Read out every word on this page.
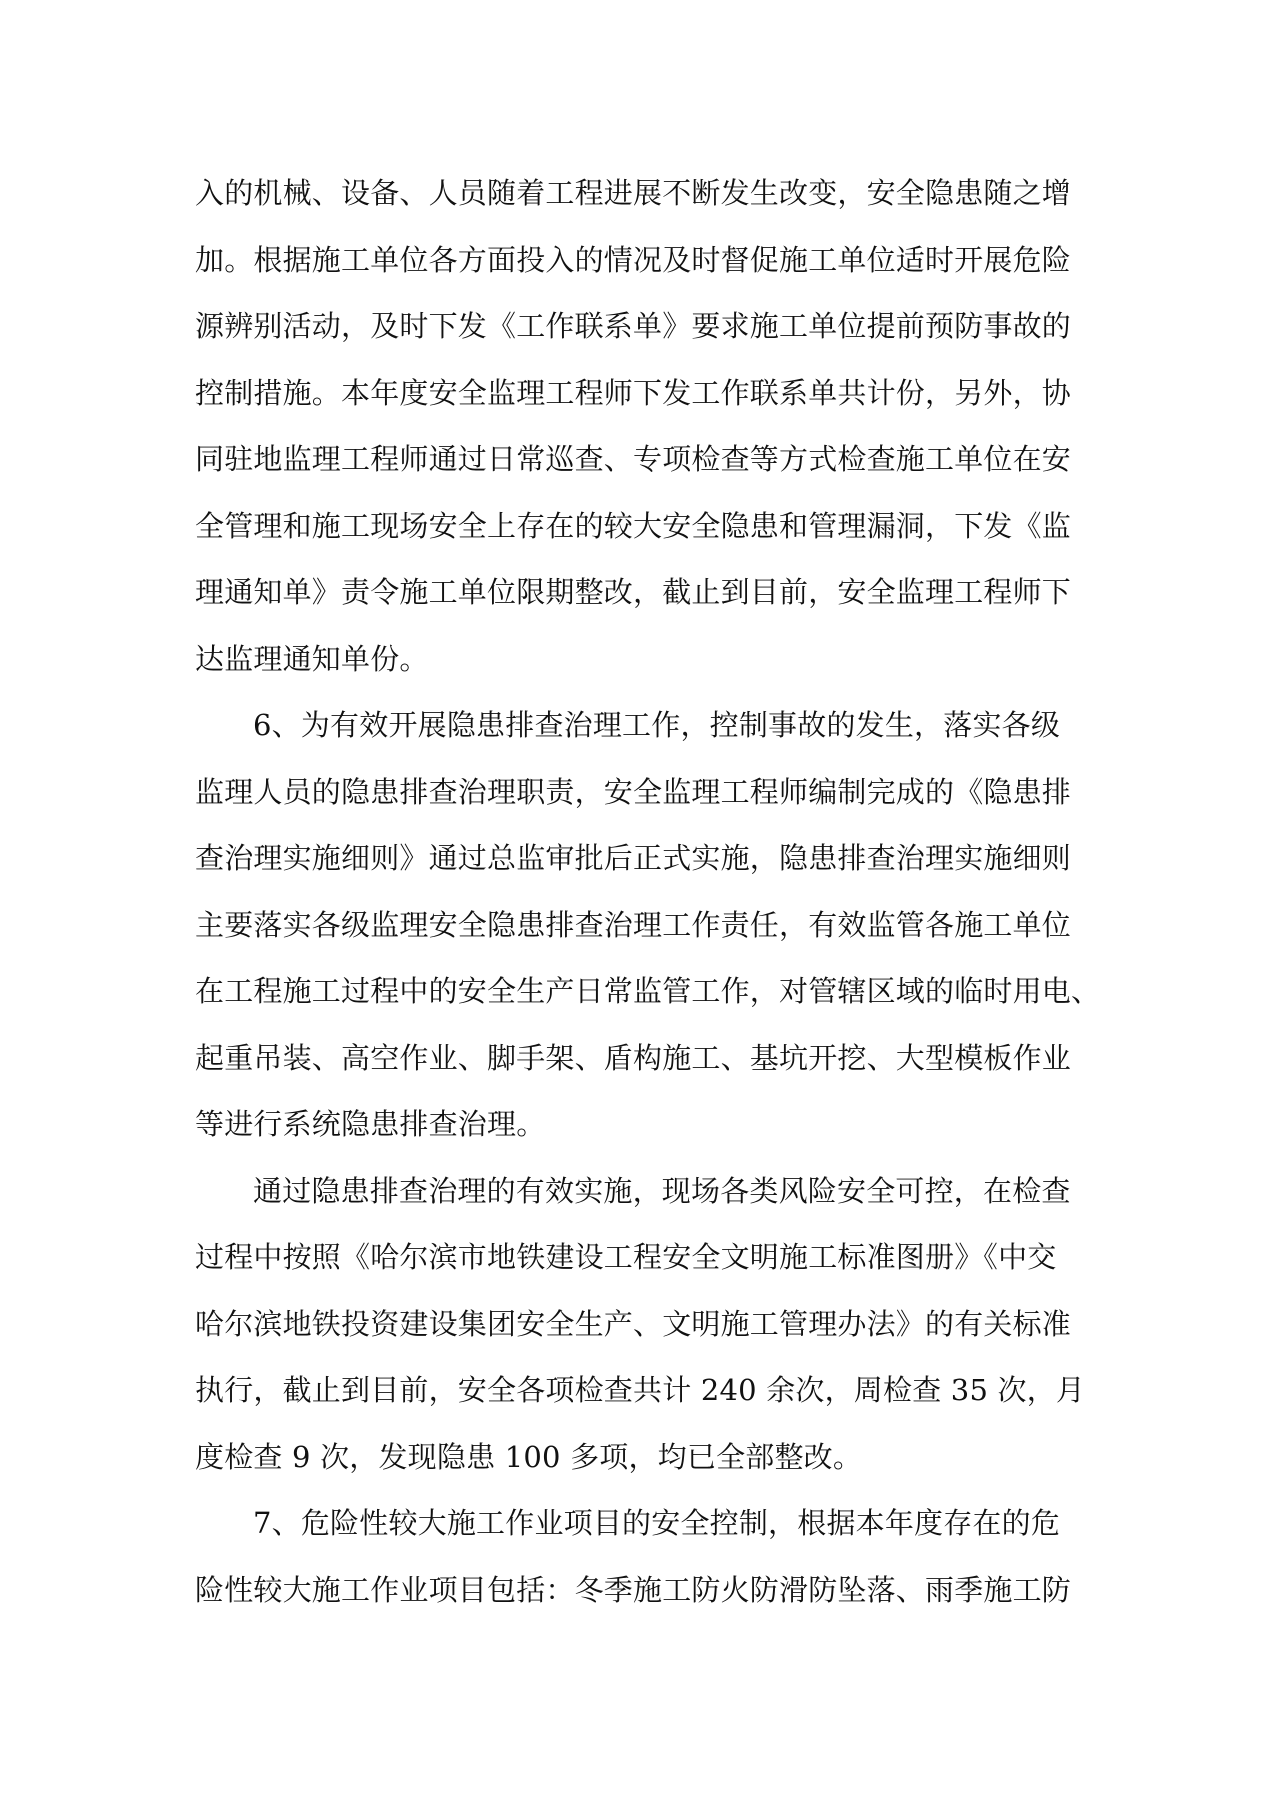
入的机械、设备、人员随着工程进展不断发生改变，安全隐患随之增
加。根据施工单位各方面投入的情况及时督促施工单位适时开展危险
源辨别活动，及时下发《工作联系单》要求施工单位提前预防事故的
控制措施。本年度安全监理工程师下发工作联系单共计份，另外，协
同驻地监理工程师通过日常巡查、专项检查等方式检查施工单位在安
全管理和施工现场安全上存在的较大安全隐患和管理漏洞，下发《监
理通知单》责令施工单位限期整改，截止到目前，安全监理工程师下
达监理通知单份。
6、为有效开展隐患排查治理工作，控制事故的发生，落实各级
监理人员的隐患排查治理职责，安全监理工程师编制完成的《隐患排
查治理实施细则》通过总监审批后正式实施，隐患排查治理实施细则
主要落实各级监理安全隐患排查治理工作责任，有效监管各施工单位
在工程施工过程中的安全生产日常监管工作，对管辖区域的临时用电、
起重吊装、高空作业、脚手架、盾构施工、基坑开挖、大型模板作业
等进行系统隐患排查治理。
通过隐患排查治理的有效实施，现场各类风险安全可控，在检查
过程中按照《哈尔滨市地铁建设工程安全文明施工标准图册》《中交
哈尔滨地铁投资建设集团安全生产、文明施工管理办法》的有关标准
执行，截止到目前，安全各项检查共计 240 余次，周检查 35 次，月
度检查 9 次，发现隐患 100 多项，均已全部整改。
7、危险性较大施工作业项目的安全控制，根据本年度存在的危
险性较大施工作业项目包括：冬季施工防火防滑防坠落、雨季施工防
